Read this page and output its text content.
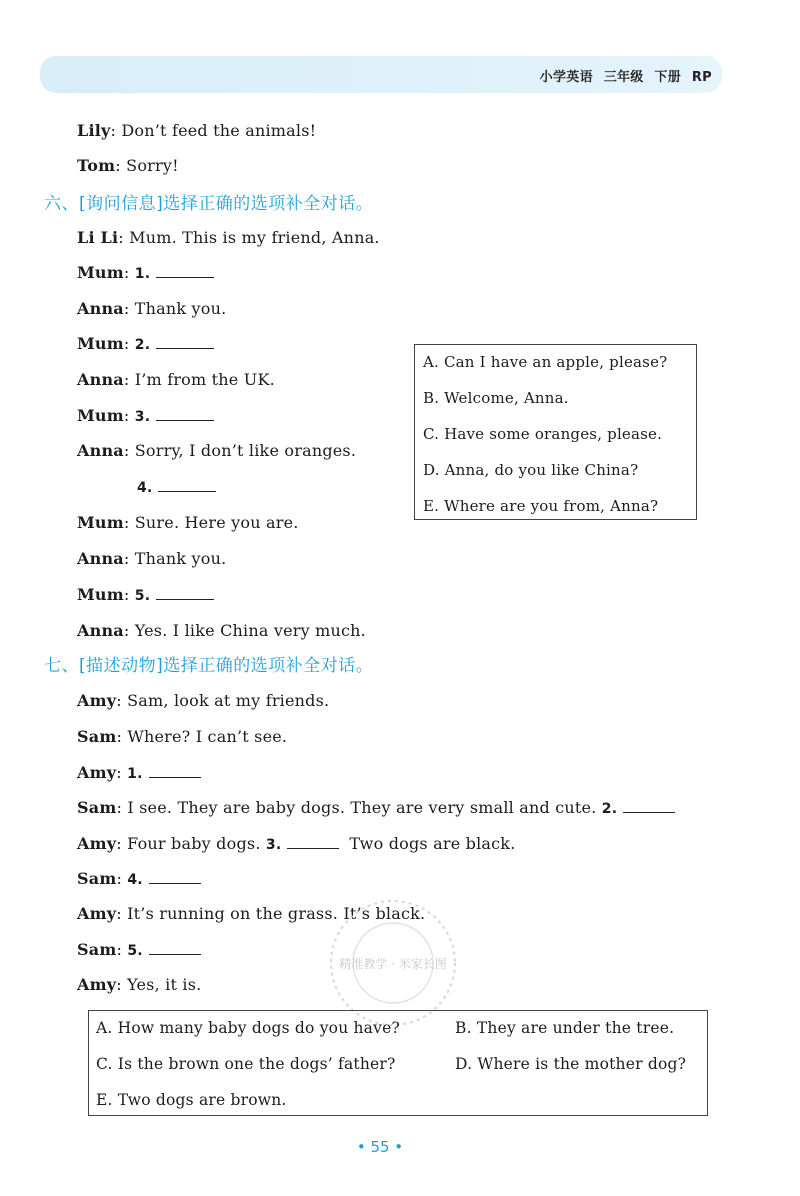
小学英语 三年级 下册 RP
Lily: Don’t feed the animals!
Tom: Sorry!
六、[询问信息]选择正确的选项补全对话。
Li Li: Mum. This is my friend, Anna.
Mum: 1.
Anna: Thank you.
Mum: 2.
Anna: I’m from the UK.
Mum: 3.
Anna: Sorry, I don’t like oranges.
4.
Mum: Sure. Here you are.
Anna: Thank you.
Mum: 5.
Anna: Yes. I like China very much.
A. Can I have an apple, please?
B. Welcome, Anna.
C. Have some oranges, please.
D. Anna, do you like China?
E. Where are you from, Anna?
七、[描述动物]选择正确的选项补全对话。
Amy: Sam, look at my friends.
Sam: Where? I can’t see.
Amy: 1.
Sam: I see. They are baby dogs. They are very small and cute. 2.
Amy: Four baby dogs. 3.	Two dogs are black.
Sam: 4.
Amy: It’s running on the grass. It’s black.
Sam: 5.
Amy: Yes, it is.
精准教学 · 米家长图
A. How many baby dogs do you have?	B. They are under the tree.
C. Is the brown one the dogs’ father?	D. Where is the mother dog?
E. Two dogs are brown.
• 55 •
